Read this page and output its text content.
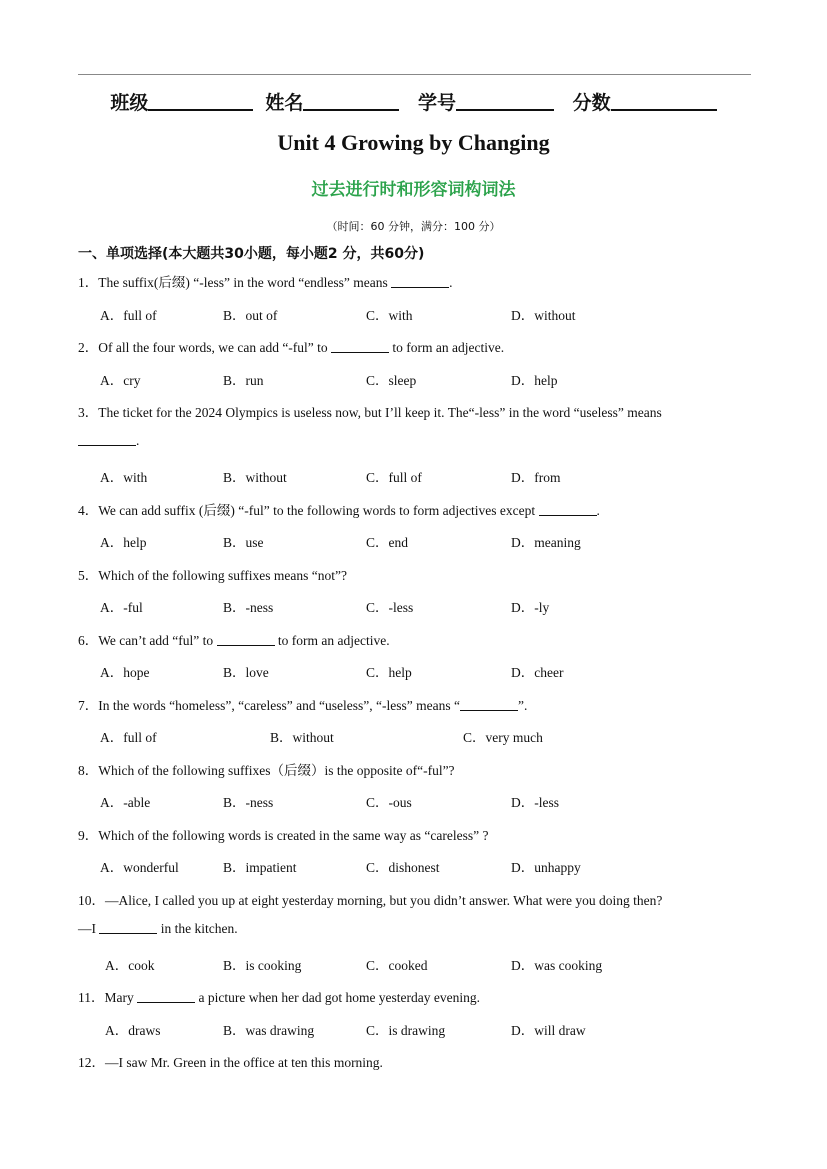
班级	姓名	学号	分数
Unit 4 Growing by Changing
过去进行时和形容词构词法
（时间：60 分钟，满分：100 分）
一、单项选择(本大题共30小题，每小题2 分，共60分)
1．The suffix(后缀) “-less” in the word “endless” means	.
A．full of	B．out of	C．with	D．without
2．Of all the four words, we can add “-ful” to	to form an adjective.
A．cry	B．run	C．sleep	D．help
3．The ticket for the 2024 Olympics is useless now, but I’ll keep it. The“-less” in the word “useless” means
.
A．with	B．without	C．full of	D．from
4．We can add suffix (后缀) “-ful” to the following words to form adjectives except	.
A．help	B．use	C．end	D．meaning
5．Which of the following suffixes means “not”?
A．-ful	B．-ness	C．-less	D．-ly
6．We can’t add “ful” to	to form an adjective.
A．hope	B．love	C．help	D．cheer
7．In the words “homeless”, “careless” and “useless”, “-less” means “	”.
A．full of	B．without	C．very much
8．Which of the following suffixes（后缀）is the opposite of“-ful”?
A．-able	B．-ness	C．-ous	D．-less
9．Which of the following words is created in the same way as “careless” ?
A．wonderful	B．impatient	C．dishonest	D．unhappy
10．—Alice, I called you up at eight yesterday morning, but you didn’t answer. What were you doing then?
—I	in the kitchen.
A．cook	B．is cooking	C．cooked	D．was cooking
11．Mary	a picture when her dad got home yesterday evening.
A．draws	B．was drawing	C．is drawing	D．will draw
12．—I saw Mr. Green in the office at ten this morning.
